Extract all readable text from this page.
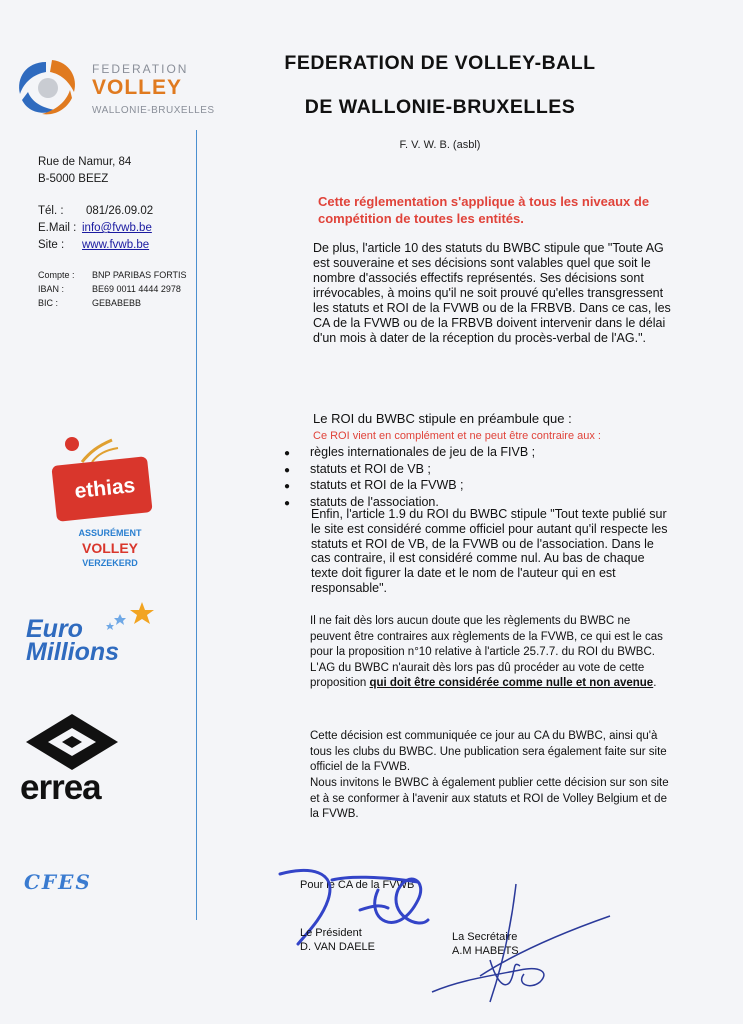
FEDERATION
VOLLEY
WALLONIE-BRUXELLES
Rue de Namur, 84
B-5000 BEEZ
Tél. : 081/26.09.02
E.Mail : info@fvwb.be
Site : www.fvwb.be
Compte : BNP PARIBAS FORTIS
IBAN :	BE69 0011 4444 2978
BIC :	GEBABEBB
ethias
ASSURÉMENT
VOLLEY
VERZEKERD
Euro
Millions
errea
CFES
FEDERATION DE VOLLEY-BALL
DE WALLONIE-BRUXELLES
F. V. W. B. (asbl)
Cette réglementation s'applique à tous les niveaux de compétition de toutes les entités.
De plus, l'article 10 des statuts du BWBC stipule que "Toute AG est souveraine et ses décisions sont valables quel que soit le nombre d'associés effectifs représentés. Ses décisions sont irrévocables, à moins qu'il ne soit prouvé qu'elles transgressent les statuts et ROI de la FVWB ou de la FRBVB. Dans ce cas, les CA de la FVWB ou de la FRBVB doivent intervenir dans le délai d'un mois à dater de la réception du procès-verbal de l'AG.".
Le ROI du BWBC stipule en préambule que :
Ce ROI vient en complément et ne peut être contraire aux :
●	règles internationales de jeu de la FIVB ;
●	statuts et ROI de VB ;
●	statuts et ROI de la FVWB ;
●	statuts de l'association.
Enfin, l'article 1.9 du ROI du BWBC stipule "Tout texte publié sur le site est considéré comme officiel pour autant qu'il respecte les statuts et ROI de VB, de la FVWB ou de l'association. Dans le cas contraire, il est considéré comme nul. Au bas de chaque texte doit figurer la date et le nom de l'auteur qui en est responsable".
Il ne fait dès lors aucun doute que les règlements du BWBC ne peuvent être contraires aux règlements de la FVWB, ce qui est le cas pour la proposition n°10 relative à l'article 25.7.7. du ROI du BWBC. L'AG du BWBC n'aurait dès lors pas dû procéder au vote de cette proposition qui doit être considérée comme nulle et non avenue.
Cette décision est communiquée ce jour au CA du BWBC, ainsi qu'à tous les clubs du BWBC. Une publication sera également faite sur site officiel de la FVWB.
Nous invitons le BWBC à également publier cette décision sur son site et à se conformer à l'avenir aux statuts et ROI de Volley Belgium et de la FVWB.
Pour le CA de la FVWB
Le Président
D. VAN DAELE
La Secrétaire
A.M HABETS
